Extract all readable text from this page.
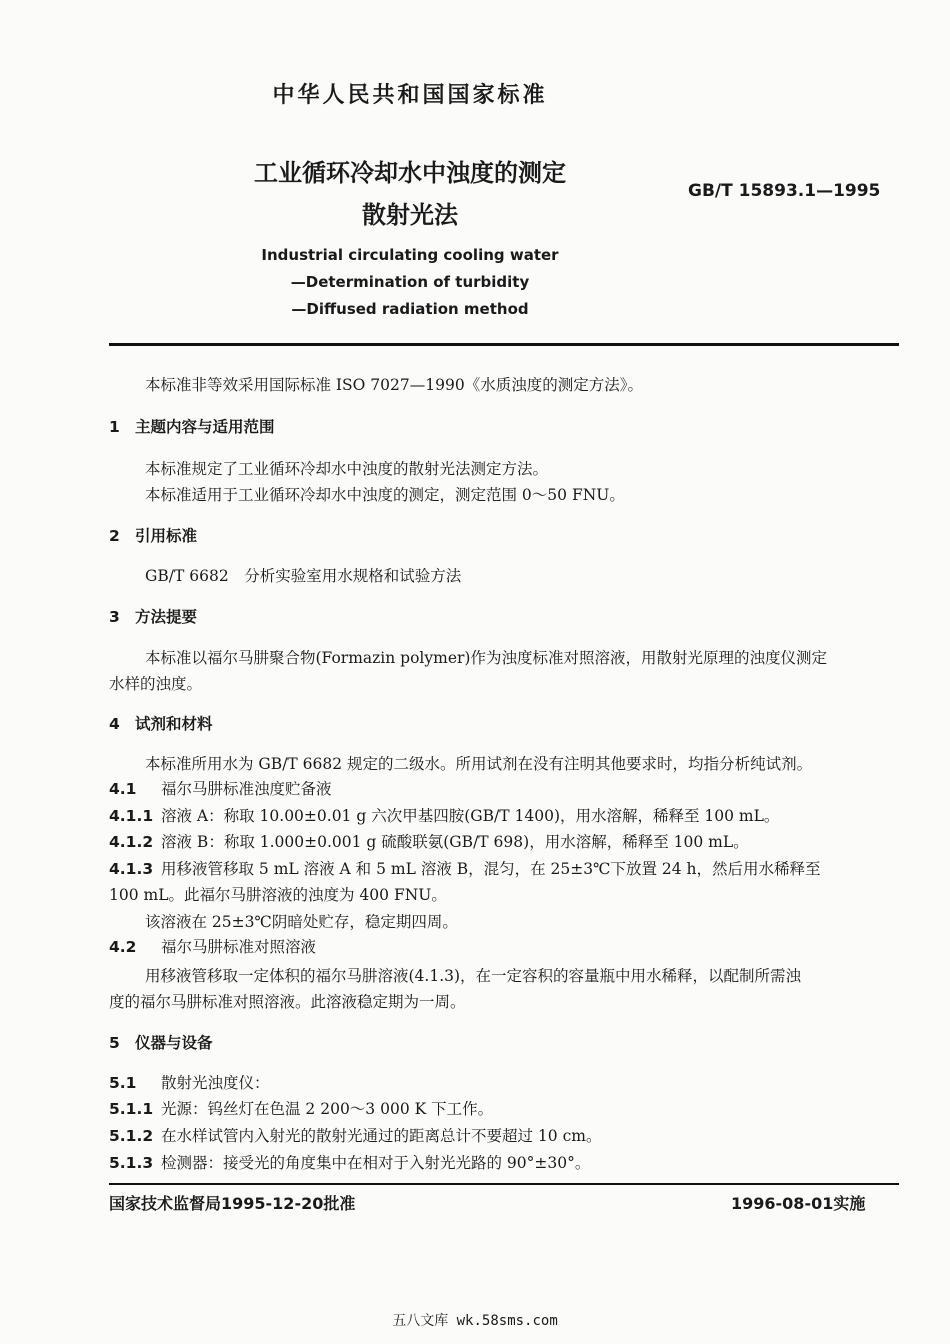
中华人民共和国国家标准
工业循环冷却水中浊度的测定
散射光法
GB/T 15893.1—1995
Industrial circulating cooling water
—Determination of turbidity
—Diffused radiation method
本标准非等效采用国际标准 ISO 7027—1990《水质浊度的测定方法》。
1 主题内容与适用范围
本标准规定了工业循环冷却水中浊度的散射光法测定方法。
本标准适用于工业循环冷却水中浊度的测定，测定范围 0～50 FNU。
2 引用标准
GB/T 6682　分析实验室用水规格和试验方法
3 方法提要
本标准以福尔马肼聚合物(Formazin polymer)作为浊度标准对照溶液，用散射光原理的浊度仪测定
水样的浊度。
4 试剂和材料
本标准所用水为 GB/T 6682 规定的二级水。所用试剂在没有注明其他要求时，均指分析纯试剂。
4.1 福尔马肼标准浊度贮备液
4.1.1 溶液 A：称取 10.00±0.01 g 六次甲基四胺(GB/T 1400)，用水溶解，稀释至 100 mL。
4.1.2 溶液 B：称取 1.000±0.001 g 硫酸联氨(GB/T 698)，用水溶解，稀释至 100 mL。
4.1.3 用移液管移取 5 mL 溶液 A 和 5 mL 溶液 B，混匀，在 25±3℃下放置 24 h，然后用水稀释至
100 mL。此福尔马肼溶液的浊度为 400 FNU。
该溶液在 25±3℃阴暗处贮存，稳定期四周。
4.2 福尔马肼标准对照溶液
用移液管移取一定体积的福尔马肼溶液(4.1.3)，在一定容积的容量瓶中用水稀释，以配制所需浊
度的福尔马肼标准对照溶液。此溶液稳定期为一周。
5 仪器与设备
5.1 散射光浊度仪：
5.1.1 光源：钨丝灯在色温 2 200～3 000 K 下工作。
5.1.2 在水样试管内入射光的散射光通过的距离总计不要超过 10 cm。
5.1.3 检测器：接受光的角度集中在相对于入射光光路的 90°±30°。
国家技术监督局1995-12-20批准	1996-08-01实施
五八文库 wk.58sms.com
